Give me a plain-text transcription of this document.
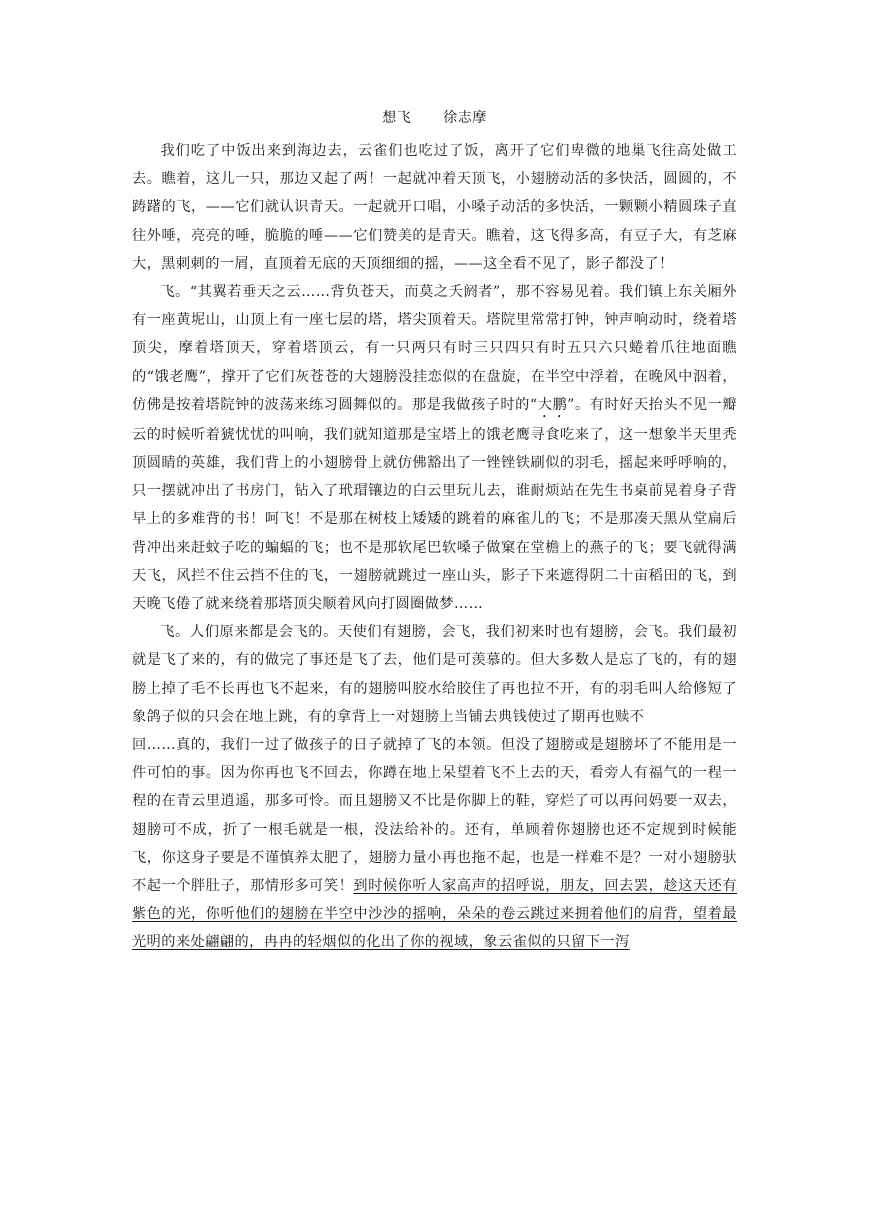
想飞 徐志摩

我们吃了中饭出来到海边去，云雀们也吃过了饭，离开了它们卑微的地巢飞往高处做工去。瞧着，这儿一只，那边又起了两！一起就冲着天顶飞，小翅膀动活的多快活，圆圆的，不踌躇的飞，——它们就认识青天。一起就开口唱，小嗓子动活的多快活，一颗颗小精圆珠子直往外唾，亮亮的唾，脆脆的唾——它们赞美的是青天。瞧着，这飞得多高，有豆子大，有芝麻大，黑刺刺的一屑，直顶着无底的天顶细细的摇，——这全看不见了，影子都没了！

飞。“其翼若垂天之云……背负苍天，而莫之夭阏者”，那不容易见着。我们镇上东关厢外有一座黄坭山，山顶上有一座七层的塔，塔尖顶着天。塔院里常常打钟，钟声响动时，绕着塔顶尖，摩着塔顶天，穿着塔顶云，有一只两只有时三只四只有时五只六只蜷着爪往地面瞧的“饿老鹰”，撑开了它们灰苍苍的大翅膀没挂恋似的在盘旋，在半空中浮着，在晚风中泅着，仿佛是按着塔院钟的波荡来练习圆舞似的。那是我做孩子时的“大鹏”。有时好天抬头不见一瓣云的时候听着猇忧忧的叫响，我们就知道那是宝塔上的饿老鹰寻食吃来了，这一想象半天里秃顶圆睛的英雄，我们背上的小翅膀骨上就仿佛豁出了一锉锉铁刷似的羽毛，摇起来呼呼响的，只一摆就冲出了书房门，钻入了玳瑁镶边的白云里玩儿去，谁耐烦站在先生书桌前晃着身子背早上的多难背的书！呵飞！不是那在树枝上矮矮的跳着的麻雀儿的飞；不是那凑天黑从堂扁后背冲出来赶蚊子吃的蝙蝠的飞；也不是那软尾巴软嗓子做窠在堂檐上的燕子的飞；要飞就得满天飞，风拦不住云挡不住的飞，一翅膀就跳过一座山头，影子下来遮得阴二十亩稻田的飞，到天晚飞倦了就来绕着那塔顶尖顺着风向打圆圈做梦……

飞。人们原来都是会飞的。天使们有翅膀，会飞，我们初来时也有翅膀，会飞。我们最初就是飞了来的，有的做完了事还是飞了去，他们是可羡慕的。但大多数人是忘了飞的，有的翅膀上掉了毛不长再也飞不起来，有的翅膀叫胶水给胶住了再也拉不开，有的羽毛叫人给修短了象鸽子似的只会在地上跳，有的拿背上一对翅膀上当铺去典钱使过了期再也赎不

回……真的，我们一过了做孩子的日子就掉了飞的本领。但没了翅膀或是翅膀坏了不能用是一件可怕的事。因为你再也飞不回去，你蹲在地上呆望着飞不上去的天，看旁人有福气的一程一程的在青云里逍遥，那多可怜。而且翅膀又不比是你脚上的鞋，穿烂了可以再问妈要一双去，翅膀可不成，折了一根毛就是一根，没法给补的。还有，单顾着你翅膀也还不定规到时候能飞，你这身子要是不谨慎养太肥了，翅膀力量小再也拖不起，也是一样难不是？一对小翅膀驮不起一个胖肚子，那情形多可笑！到时候你听人家高声的招呼说，朋友，回去罢，趁这天还有紫色的光，你听他们的翅膀在半空中沙沙的摇响，朵朵的卷云跳过来拥着他们的肩背，望着最光明的来处翩翩的，冉冉的轻烟似的化出了你的视域，象云雀似的只留下一泻
